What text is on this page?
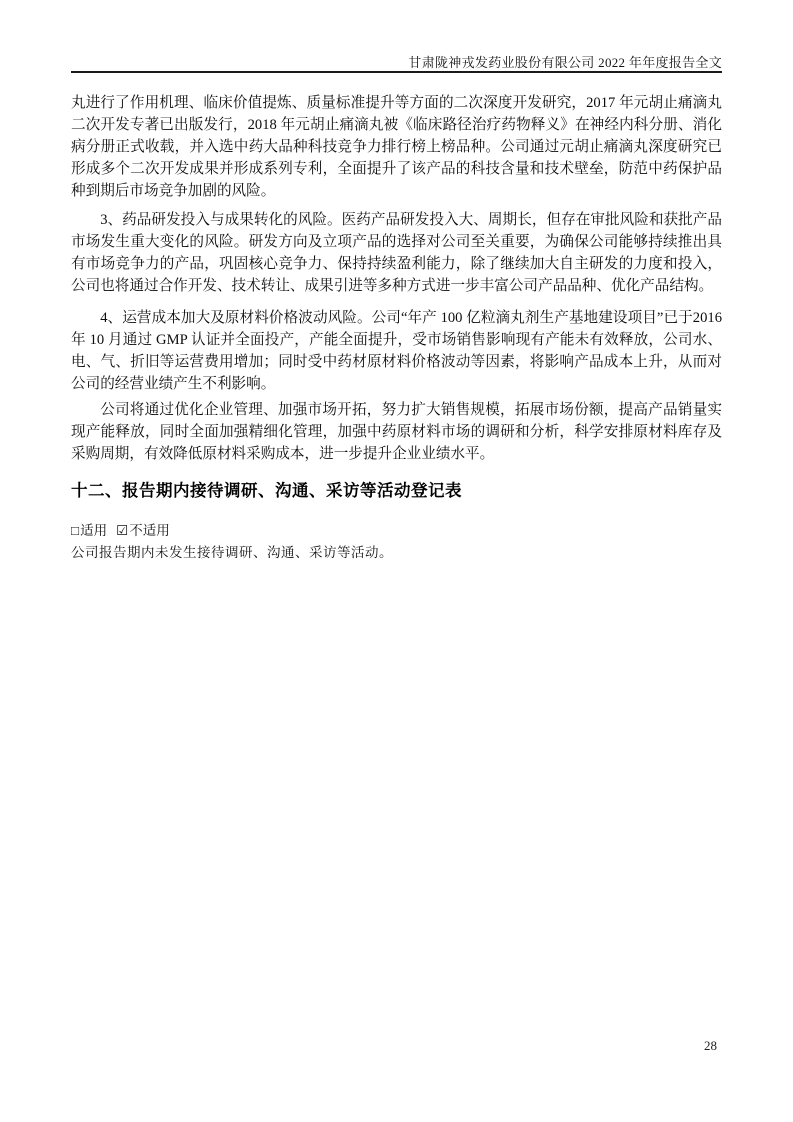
甘肃陇神戎发药业股份有限公司 2022 年年度报告全文

丸进行了作用机理、临床价值提炼、质量标准提升等方面的二次深度开发研究，2017 年元胡止痛滴丸二次开发专著已出版发行，2018 年元胡止痛滴丸被《临床路径治疗药物释义》在神经内科分册、消化病分册正式收载，并入选中药大品种科技竞争力排行榜上榜品种。公司通过元胡止痛滴丸深度研究已形成多个二次开发成果并形成系列专利，全面提升了该产品的科技含量和技术壁垒，防范中药保护品种到期后市场竞争加剧的风险。

3、药品研发投入与成果转化的风险。医药产品研发投入大、周期长，但存在审批风险和获批产品市场发生重大变化的风险。研发方向及立项产品的选择对公司至关重要，为确保公司能够持续推出具有市场竞争力的产品，巩固核心竞争力、保持持续盈利能力，除了继续加大自主研发的力度和投入，公司也将通过合作开发、技术转让、成果引进等多种方式进一步丰富公司产品品种、优化产品结构。

4、运营成本加大及原材料价格波动风险。公司“年产 100 亿粒滴丸剂生产基地建设项目”已于2016 年 10 月通过 GMP 认证并全面投产，产能全面提升，受市场销售影响现有产能未有效释放，公司水、电、气、折旧等运营费用增加；同时受中药材原材料价格波动等因素，将影响产品成本上升，从而对公司的经营业绩产生不利影响。

公司将通过优化企业管理、加强市场开拓，努力扩大销售规模，拓展市场份额，提高产品销量实现产能释放，同时全面加强精细化管理，加强中药原材料市场的调研和分析，科学安排原材料库存及采购周期，有效降低原材料采购成本，进一步提升企业业绩水平。

十二、报告期内接待调研、沟通、采访等活动登记表
□适用 ☑不适用

公司报告期内未发生接待调研、沟通、采访等活动。

28
